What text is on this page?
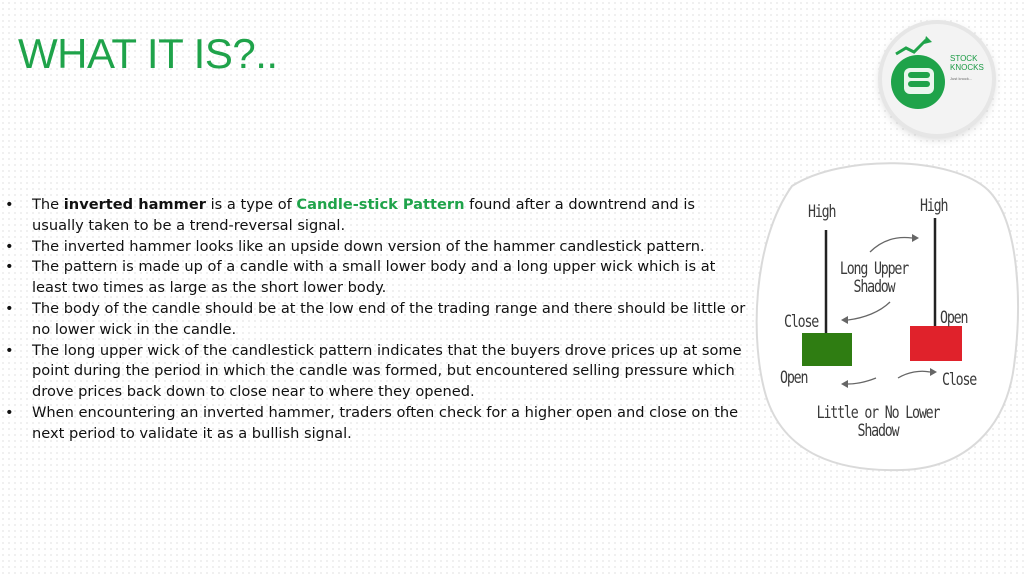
WHAT IT IS?..	STOCK
KNOCKS
Just knock...
• The inverted hammer is a type of Candle-stick Pattern found after a downtrend and is usually taken to be a trend-reversal signal.
• The inverted hammer looks like an upside down version of the hammer candlestick pattern.
• The pattern is made up of a candle with a small lower body and a long upper wick which is at least two times as large as the short lower body.
• The body of the candle should be at the low end of the trading range and there should be little or no lower wick in the candle.
• The long upper wick of the candlestick pattern indicates that the buyers drove prices up at some point during the period in which the candle was formed, but encountered selling pressure which drove prices back down to close near to where they opened.
• When encountering an inverted hammer, traders often check for a higher open and close on the next period to validate it as a bullish signal.
High	High
Long Upper
Shadow
Close	Open
Open	Close
Little or No Lower
Shadow
